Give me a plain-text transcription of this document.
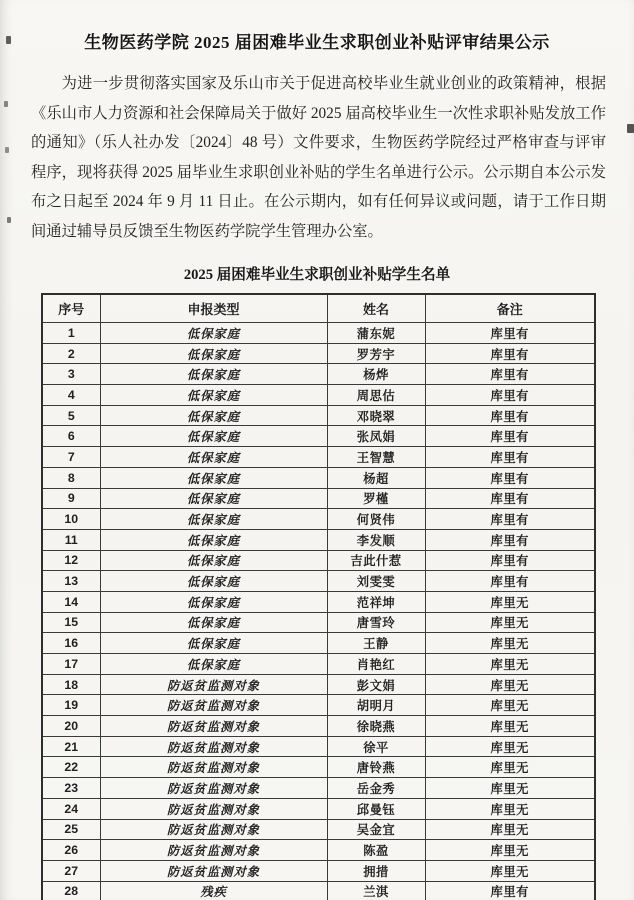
生物医药学院 2025 届困难毕业生求职创业补贴评审结果公示

为进一步贯彻落实国家及乐山市关于促进高校毕业生就业创业的政策精神，根据《乐山市人力资源和社会保障局关于做好 2025 届高校毕业生一次性求职补贴发放工作的通知》（乐人社办发〔2024〕48 号）文件要求，生物医药学院经过严格审查与评审程序，现将获得 2025 届毕业生求职创业补贴的学生名单进行公示。公示期自本公示发布之日起至 2024 年 9 月 11 日止。在公示期内，如有任何异议或问题，请于工作日期间通过辅导员反馈至生物医药学院学生管理办公室。

2025 届困难毕业生求职创业补贴学生名单
序号	申报类型	姓名	备注
1	低保家庭	蒲东妮	库里有
2	低保家庭	罗芳宇	库里有
3	低保家庭	杨烨	库里有
4	低保家庭	周思估	库里有
5	低保家庭	邓晓翠	库里有
6	低保家庭	张凤娟	库里有
7	低保家庭	王智慧	库里有
8	低保家庭	杨超	库里有
9	低保家庭	罗槿	库里有
10	低保家庭	何贤伟	库里有
11	低保家庭	李发顺	库里有
12	低保家庭	吉此什惹	库里有
13	低保家庭	刘雯雯	库里有
14	低保家庭	范祥坤	库里无
15	低保家庭	唐雪玲	库里无
16	低保家庭	王静	库里无
17	低保家庭	肖艳红	库里无
18	防返贫监测对象	彭文娟	库里无
19	防返贫监测对象	胡明月	库里无
20	防返贫监测对象	徐晓燕	库里无
21	防返贫监测对象	徐平	库里无
22	防返贫监测对象	唐铃燕	库里无
23	防返贫监测对象	岳金秀	库里无
24	防返贫监测对象	邱曼钰	库里无
25	防返贫监测对象	吴金宜	库里无
26	防返贫监测对象	陈盈	库里无
27	防返贫监测对象	拥措	库里无
28	残疾	兰淇	库里有
